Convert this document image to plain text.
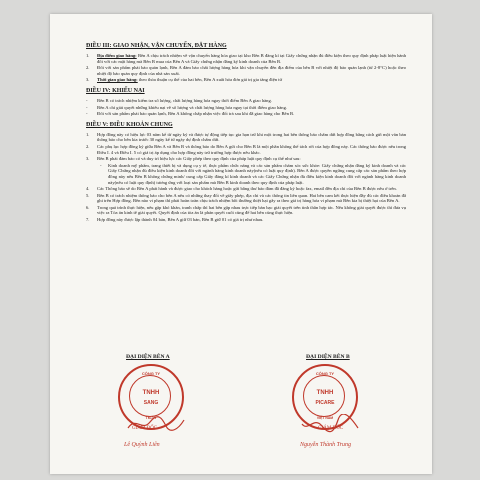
ĐIỀU III: GIAO NHẬN, VẬN CHUYỂN, ĐẶT HÀNG
1.	Địa điểm giao hàng: Bên A chịu trách nhiệm về vận chuyển hàng hóa giao tại kho Bên B đăng kí tại Giấy chứng nhận đủ điều kiện theo quy định pháp luật hiện hành đối với các mặt hàng mà Bên B mua của Bên A và Giấy chứng nhận đăng ký kinh doanh của Bên B.
2.	Đối với sản phẩm phải bảo quản lạnh, Bên A đảm bảo chất lượng hàng hóa khi vận chuyển đến địa điểm của bên B với nhiệt độ bảo quản lạnh (từ 2-8°C) hoặc theo nhiệt độ bảo quản quy định của nhà sản xuất.
3.	Thời gian giao hàng: theo thỏa thuận cụ thể của hai bên, Bên A xuất hóa đơn giá trị gia tăng điện tử
ĐIỀU IV: KHIẾU NẠI
-	Bên B có trách nhiệm kiểm tra số lượng, chất lượng hàng hóa ngay thời điểm Bên A giao hàng.
-	Bên A chỉ giải quyết những khiếu nại về số lượng và chất lượng hàng hóa ngay tại thời điểm giao hàng.
-	Đối với sản phẩm phải bảo quản lạnh, Bên A không chấp nhận việc đổi trả sau khi đã giao hàng cho Bên B.
ĐIỀU V: ĐIỀU KHOẢN CHUNG
1.	Hợp đồng này có hiệu lực 03 năm kể từ ngày ký và được tự động tiếp tục gia hạn trừ khi một trong hai bên thông báo chấm dứt hợp đồng bằng cách gửi một văn bản thông báo cho bên kia trước 30 ngày kể từ ngày dự định chấm dứt.
2.	Các phụ lục hợp đồng ký giữa Bên A và Bên B và thông báo do Bên A gửi cho Bên B là một phần không thể tách rời của hợp đồng này. Các thông báo được nêu trong Điều I. 4 và Điều I. 5 có giá trị áp dụng cho hợp đồng này trừ trường hợp được nêu khác.
3.	Bên B phải đảm bảo có và duy trì hiệu lực các Giấy phép theo quy định của pháp luật quy định cụ thể như sau:
-	Kinh doanh mỹ phẩm, trang thiết bị và dụng cụ y tế, thực phẩm chức năng và các sản phẩm chăm sóc sức khỏe: Giấy chứng nhận đăng ký kinh doanh và các Giấy Chứng nhận đủ điều kiện kinh doanh đối với ngành hàng kinh doanh này(nếu có luật quy định). Bên A được quyền ngừng cung cấp các sản phẩm theo hợp đồng này nếu Bên B không chứng minh/ cung cấp Giấy đăng kí kinh doanh và các Giấy Chứng nhận đủ điều kiện kinh doanh đối với ngành hàng kinh doanh này(nếu có luật quy định) tương ứng với loại sản phẩm mà Bên B kinh doanh theo quy định của pháp luật.
4.	Các Thông báo sẽ do Bên A phát hành và được giao cho khách hàng hoặc gửi bằng thư báo đảm đã đăng ký hoặc fax, email đến địa chỉ của Bên B được nêu ở trên.
5.	Bên B có trách nhiệm thông báo cho bên A nếu có những thay đổi về giấy phép, địa chỉ và các thông tin liên quan. Hai bên cam kết thực hiện đầy đủ các điều khoản đã ghi trên Hợp đồng. Bên nào vi phạm thì phải hoàn toàn chịu trách nhiệm bồi thường thiệt hại gây ra theo giá trị hàng hóa vi phạm mà Bên kia bị thiệt hại của Bên A.
6.	Trong quá trình thực hiện, nếu gặp khó khăn, tranh chấp thì hai bên gặp nhau trực tiếp bàn bạc giải quyết trên tinh thần hợp tác. Nếu không giải quyết được thì đưa vụ việc ra Tòa án kinh tế giải quyết. Quyết định của tòa án là phán quyết cuối cùng để hai bên cùng thực hiện.
7.	Hợp đồng này được lập thành 04 bản, Bên A giữ 03 bản, Bên B giữ 01 có giá trị như nhau.
ĐẠI DIỆN BÊN A	ĐẠI DIỆN BÊN B
CÔNG TY
TNHH
SANG
TM-DV
CÔNG TY
TNHH
PICARE
VIỆT NAM
GIÁM ĐỐC	GIÁM ĐỐC
Lê Quỳnh Liên	Nguyễn Thành Trung
